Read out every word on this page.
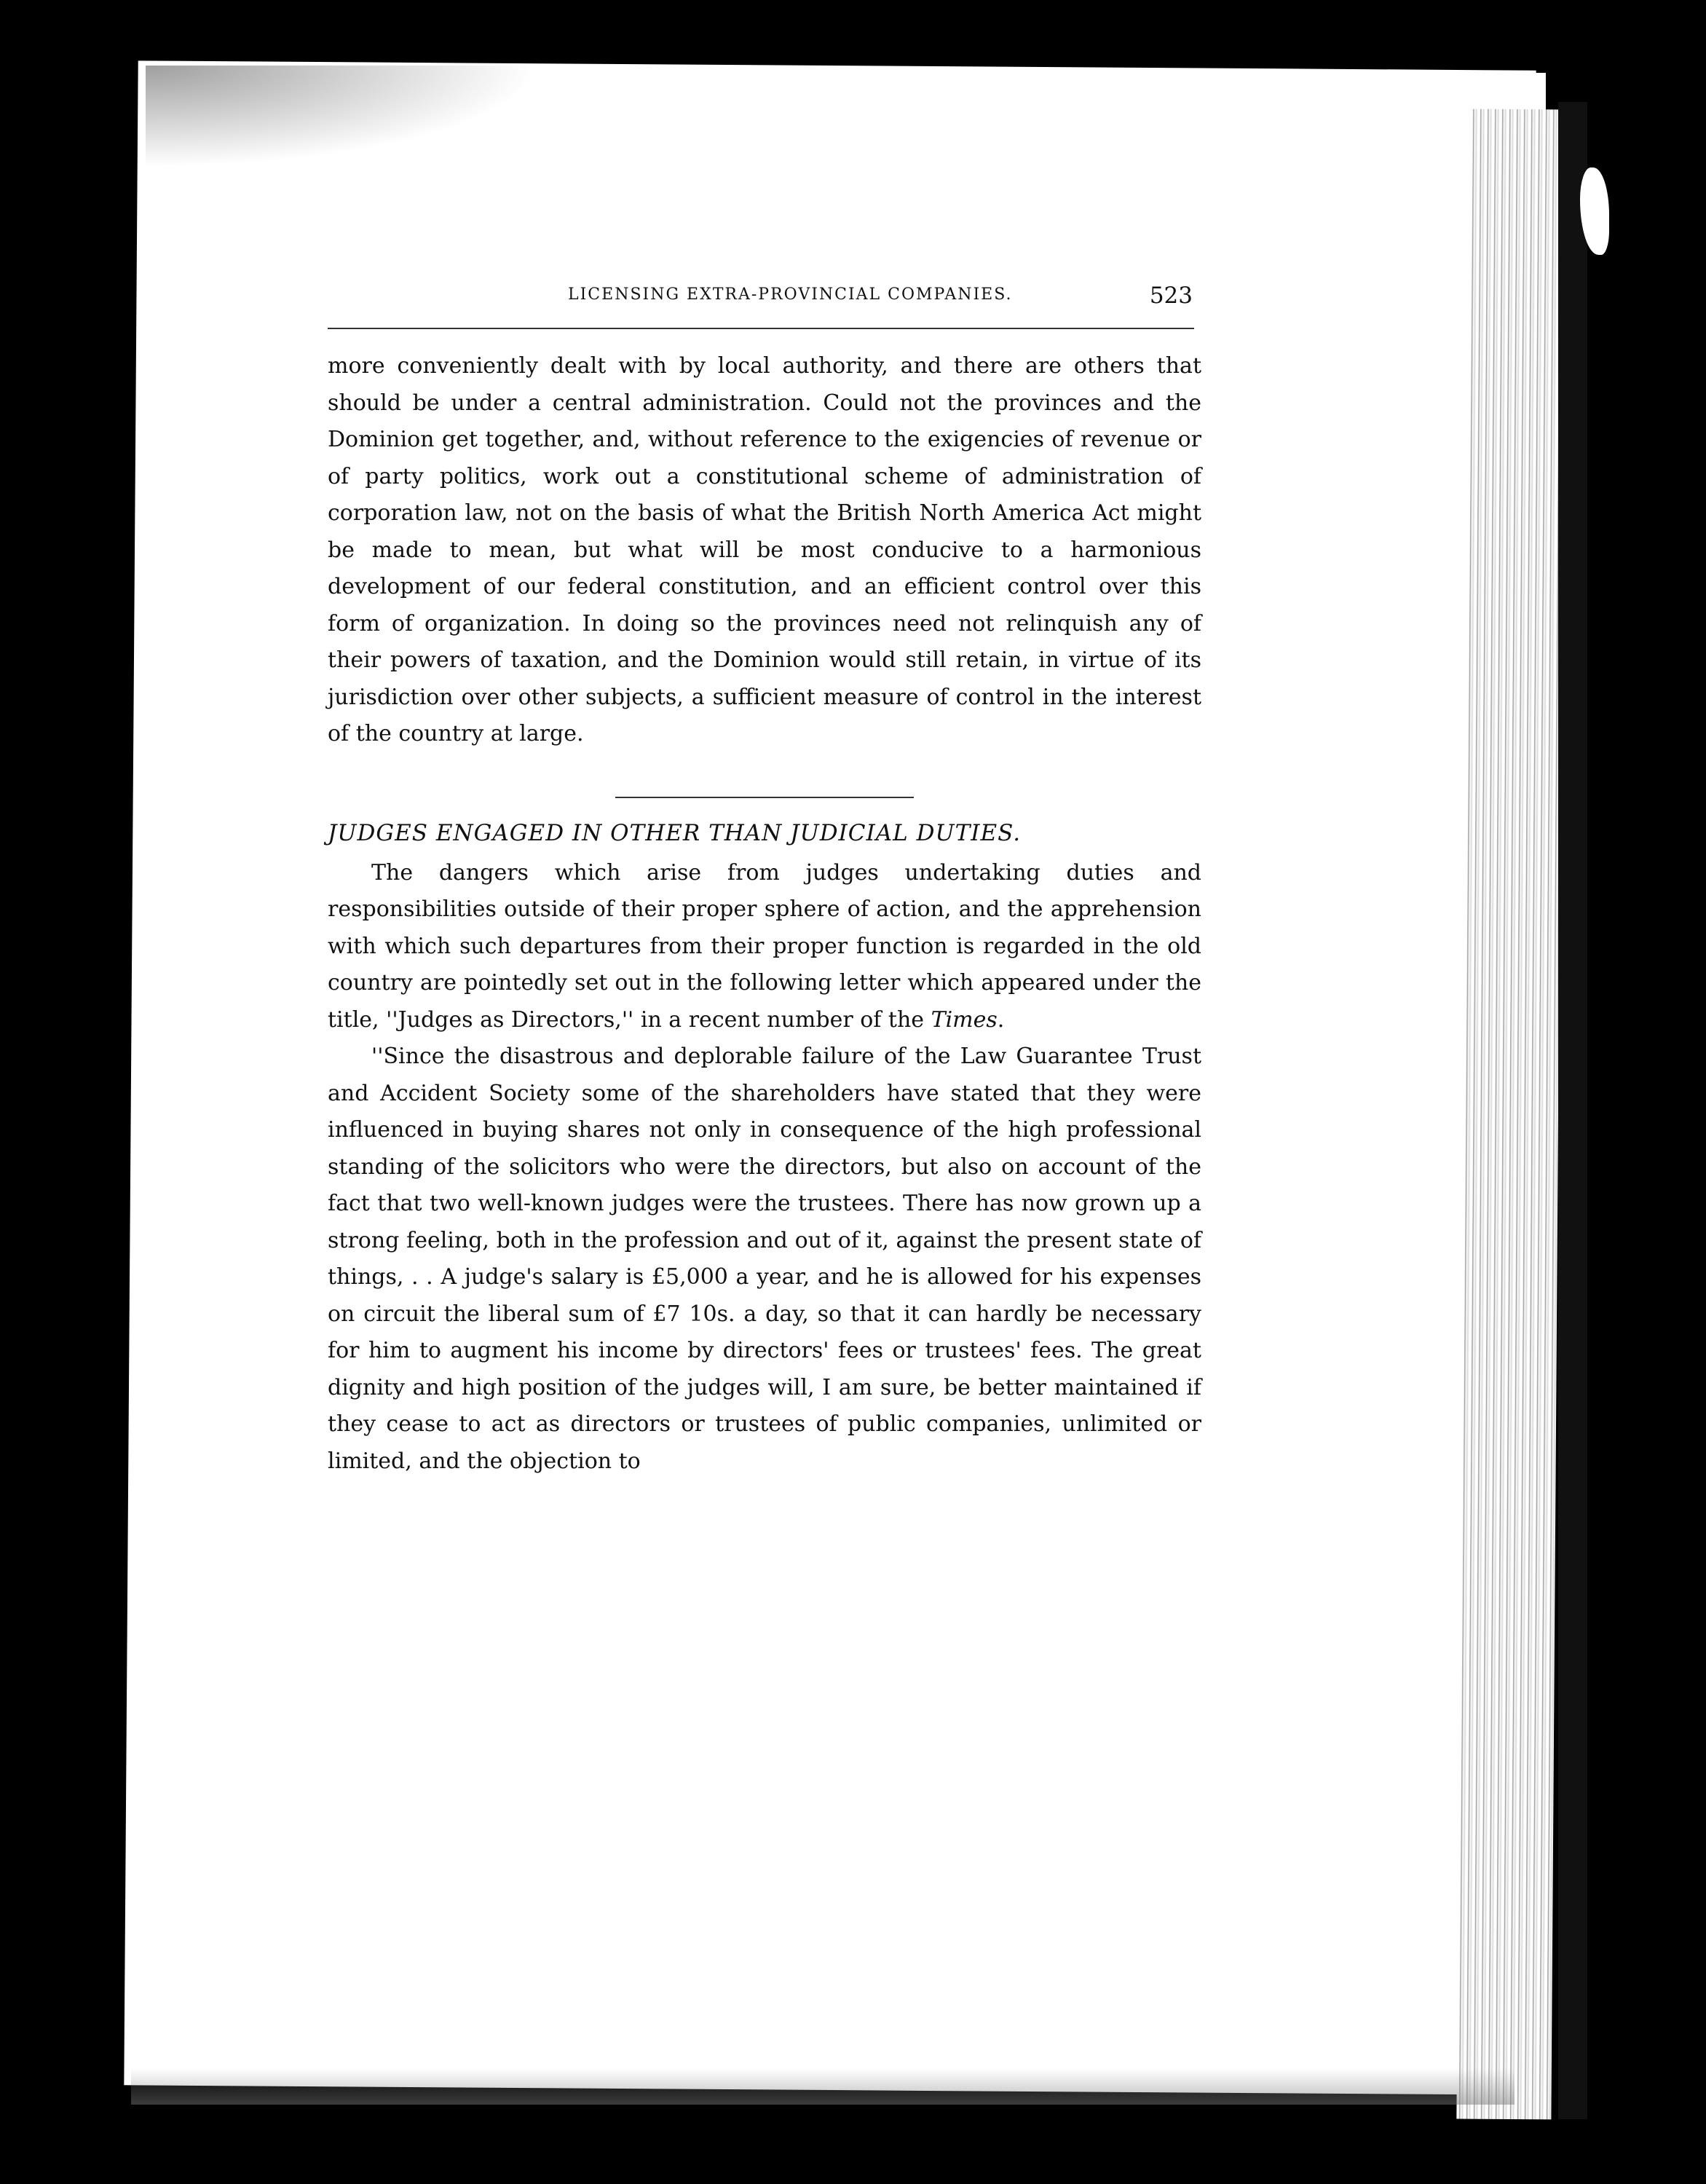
LICENSING EXTRA-PROVINCIAL COMPANIES.	523

more conveniently dealt with by local authority, and there are others that should be under a central administration. Could not the provinces and the Dominion get together, and, without reference to the exigencies of revenue or of party politics, work out a constitutional scheme of administration of corporation law, not on the basis of what the British North America Act might be made to mean, but what will be most conducive to a harmonious development of our federal constitution, and an efficient control over this form of organization. In doing so the provinces need not relinquish any of their powers of taxation, and the Dominion would still retain, in virtue of its jurisdiction over other subjects, a sufficient measure of control in the interest of the country at large.

JUDGES ENGAGED IN OTHER THAN JUDICIAL DUTIES.

The dangers which arise from judges undertaking duties and responsibilities outside of their proper sphere of action, and the apprehension with which such departures from their proper function is regarded in the old country are pointedly set out in the following letter which appeared under the title, ''Judges as Directors,'' in a recent number of the Times.

''Since the disastrous and deplorable failure of the Law Guarantee Trust and Accident Society some of the shareholders have stated that they were influenced in buying shares not only in consequence of the high professional standing of the solicitors who were the directors, but also on account of the fact that two well-known judges were the trustees. There has now grown up a strong feeling, both in the profession and out of it, against the present state of things, . . A judge's salary is £5,000 a year, and he is allowed for his expenses on circuit the liberal sum of £7 10s. a day, so that it can hardly be necessary for him to augment his income by directors' fees or trustees' fees. The great dignity and high position of the judges will, I am sure, be better maintained if they cease to act as directors or trustees of public companies, unlimited or limited, and the objection to
